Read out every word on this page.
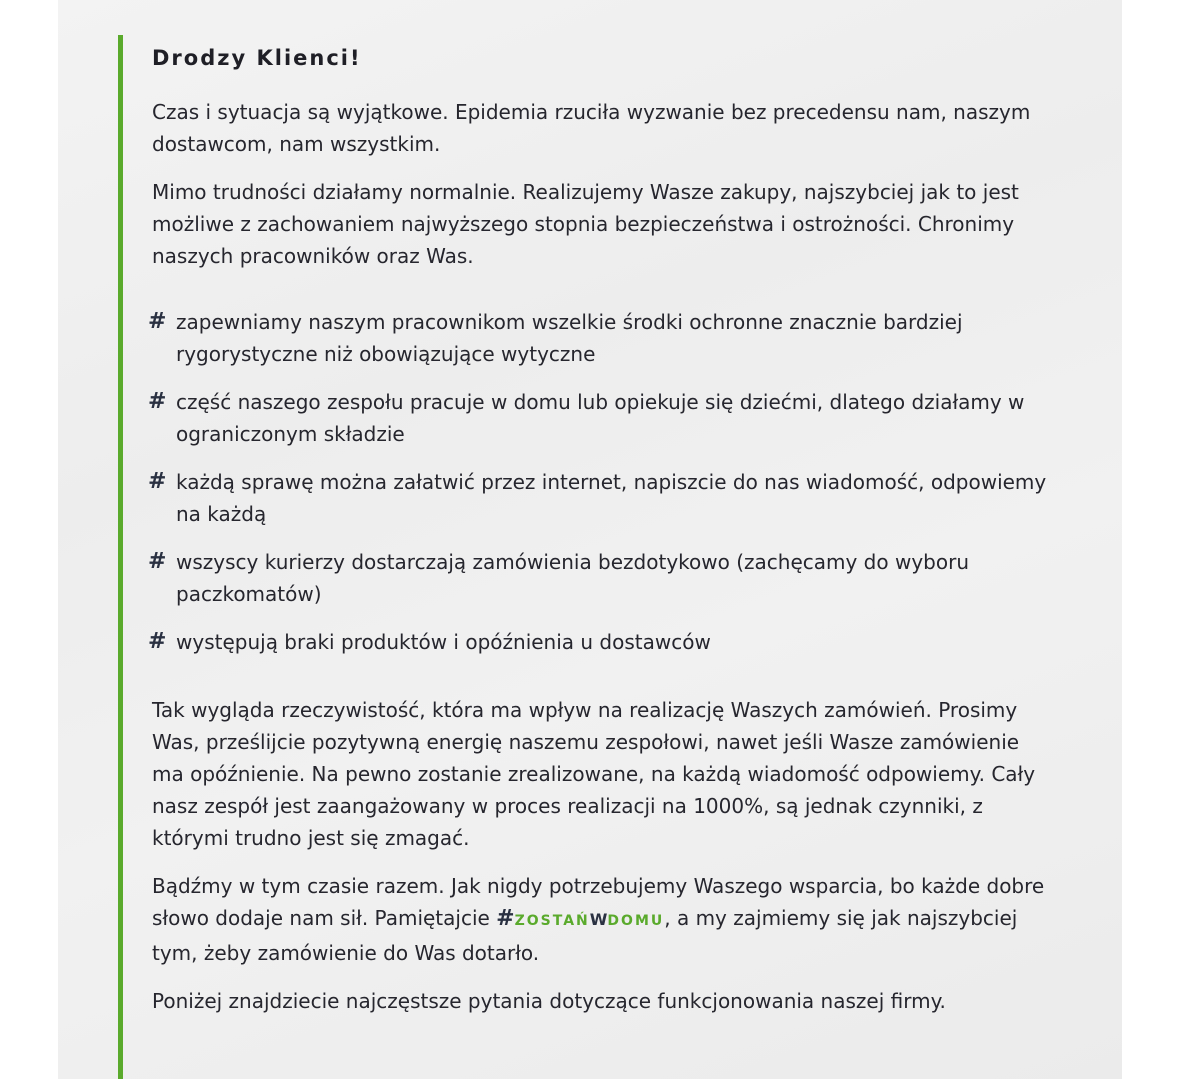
Drodzy Klienci!

Czas i sytuacja są wyjątkowe. Epidemia rzuciła wyzwanie bez precedensu nam, naszym dostawcom, nam wszystkim.

Mimo trudności działamy normalnie. Realizujemy Wasze zakupy, najszybciej jak to jest możliwe z zachowaniem najwyższego stopnia bezpieczeństwa i ostrożności. Chronimy naszych pracowników oraz Was.

# zapewniamy naszym pracownikom wszelkie środki ochronne znacznie bardziej rygorystyczne niż obowiązujące wytyczne
# część naszego zespołu pracuje w domu lub opiekuje się dziećmi, dlatego działamy w ograniczonym składzie
# każdą sprawę można załatwić przez internet, napiszcie do nas wiadomość, odpowiemy na każdą
# wszyscy kurierzy dostarczają zamówienia bezdotykowo (zachęcamy do wyboru paczkomatów)
# występują braki produktów i opóźnienia u dostawców

Tak wygląda rzeczywistość, która ma wpływ na realizację Waszych zamówień. Prosimy Was, prześlijcie pozytywną energię naszemu zespołowi, nawet jeśli Wasze zamówienie ma opóźnienie. Na pewno zostanie zrealizowane, na każdą wiadomość odpowiemy. Cały nasz zespół jest zaangażowany w proces realizacji na 1000%, są jednak czynniki, z którymi trudno jest się zmagać.

Bądźmy w tym czasie razem. Jak nigdy potrzebujemy Waszego wsparcia, bo każde dobre słowo dodaje nam sił. Pamiętajcie #ZOSTAŃWDOMU, a my zajmiemy się jak najszybciej tym, żeby zamówienie do Was dotarło.

Poniżej znajdziecie najczęstsze pytania dotyczące funkcjonowania naszej firmy.
